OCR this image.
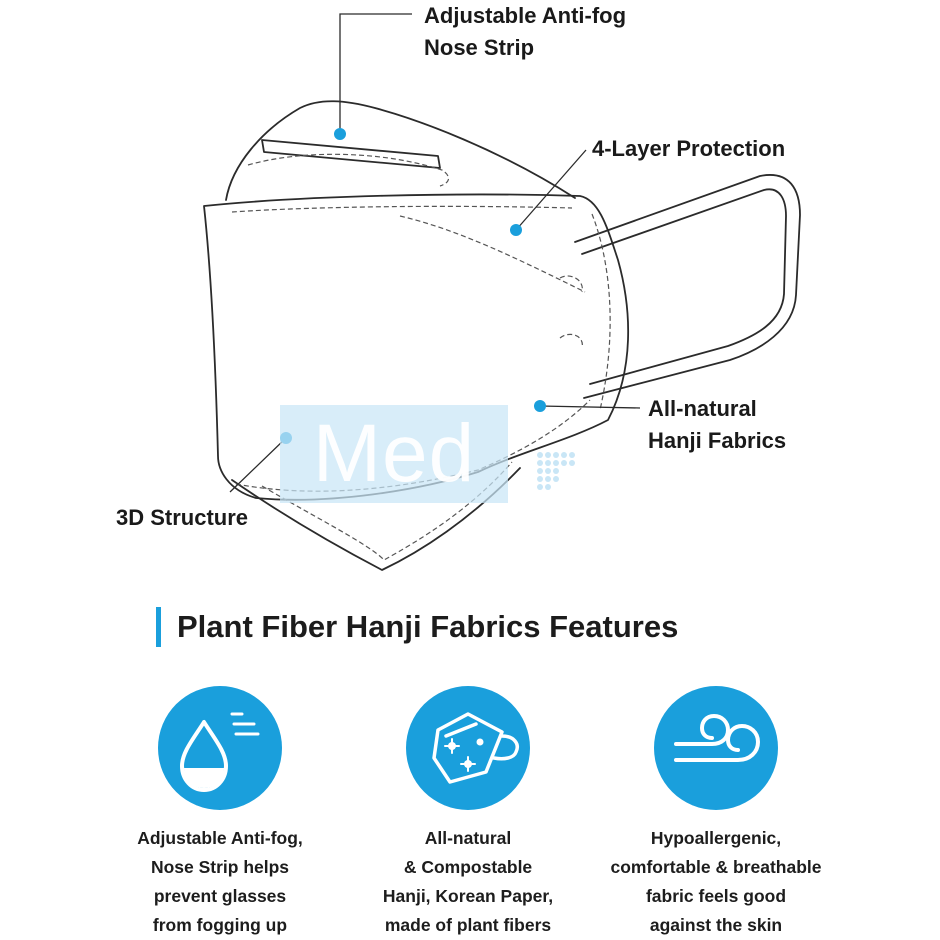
Med
Adjustable Anti-fog
Nose Strip
4-Layer Protection
All-natural
Hanji Fabrics
3D Structure
Plant Fiber Hanji Fabrics Features
Adjustable Anti-fog,
Nose Strip helps
prevent glasses
from fogging up
All-natural
& Compostable
Hanji, Korean Paper,
made of plant fibers
Hypoallergenic,
comfortable & breathable
fabric feels good
against the skin
